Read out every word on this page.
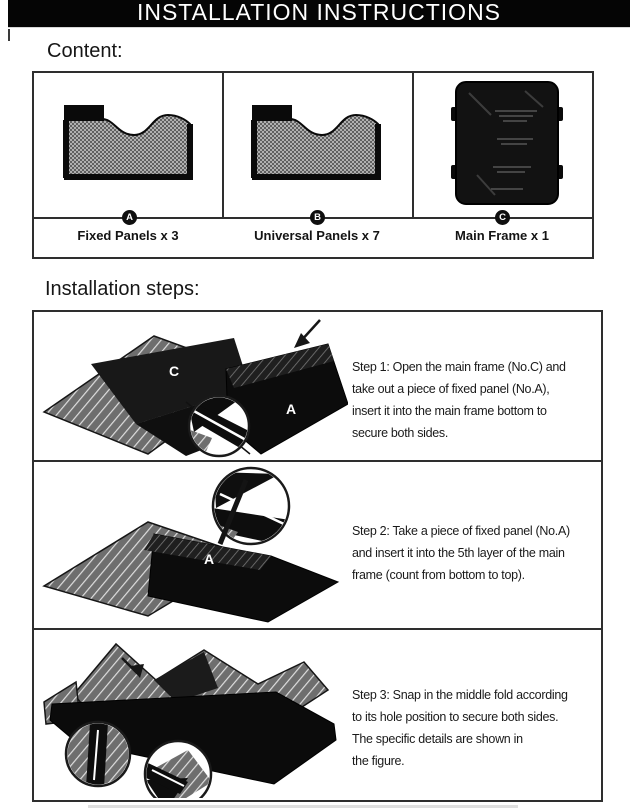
INSTALLATION INSTRUCTIONS
Content:
A	B	C
Fixed Panels x 3	Universal Panels x 7	Main Frame x 1
Installation steps:
C
A
Step 1: Open the main frame (No.C) and
take out a piece of fixed panel (No.A),
insert it into the main frame bottom to
secure both sides.
A
Step 2: Take a piece of fixed panel (No.A)
and insert it into the 5th layer of the main
frame (count from bottom to top).
Step 3: Snap in the middle fold according
to its hole position to secure both sides.
The specific details are shown in
the figure.
